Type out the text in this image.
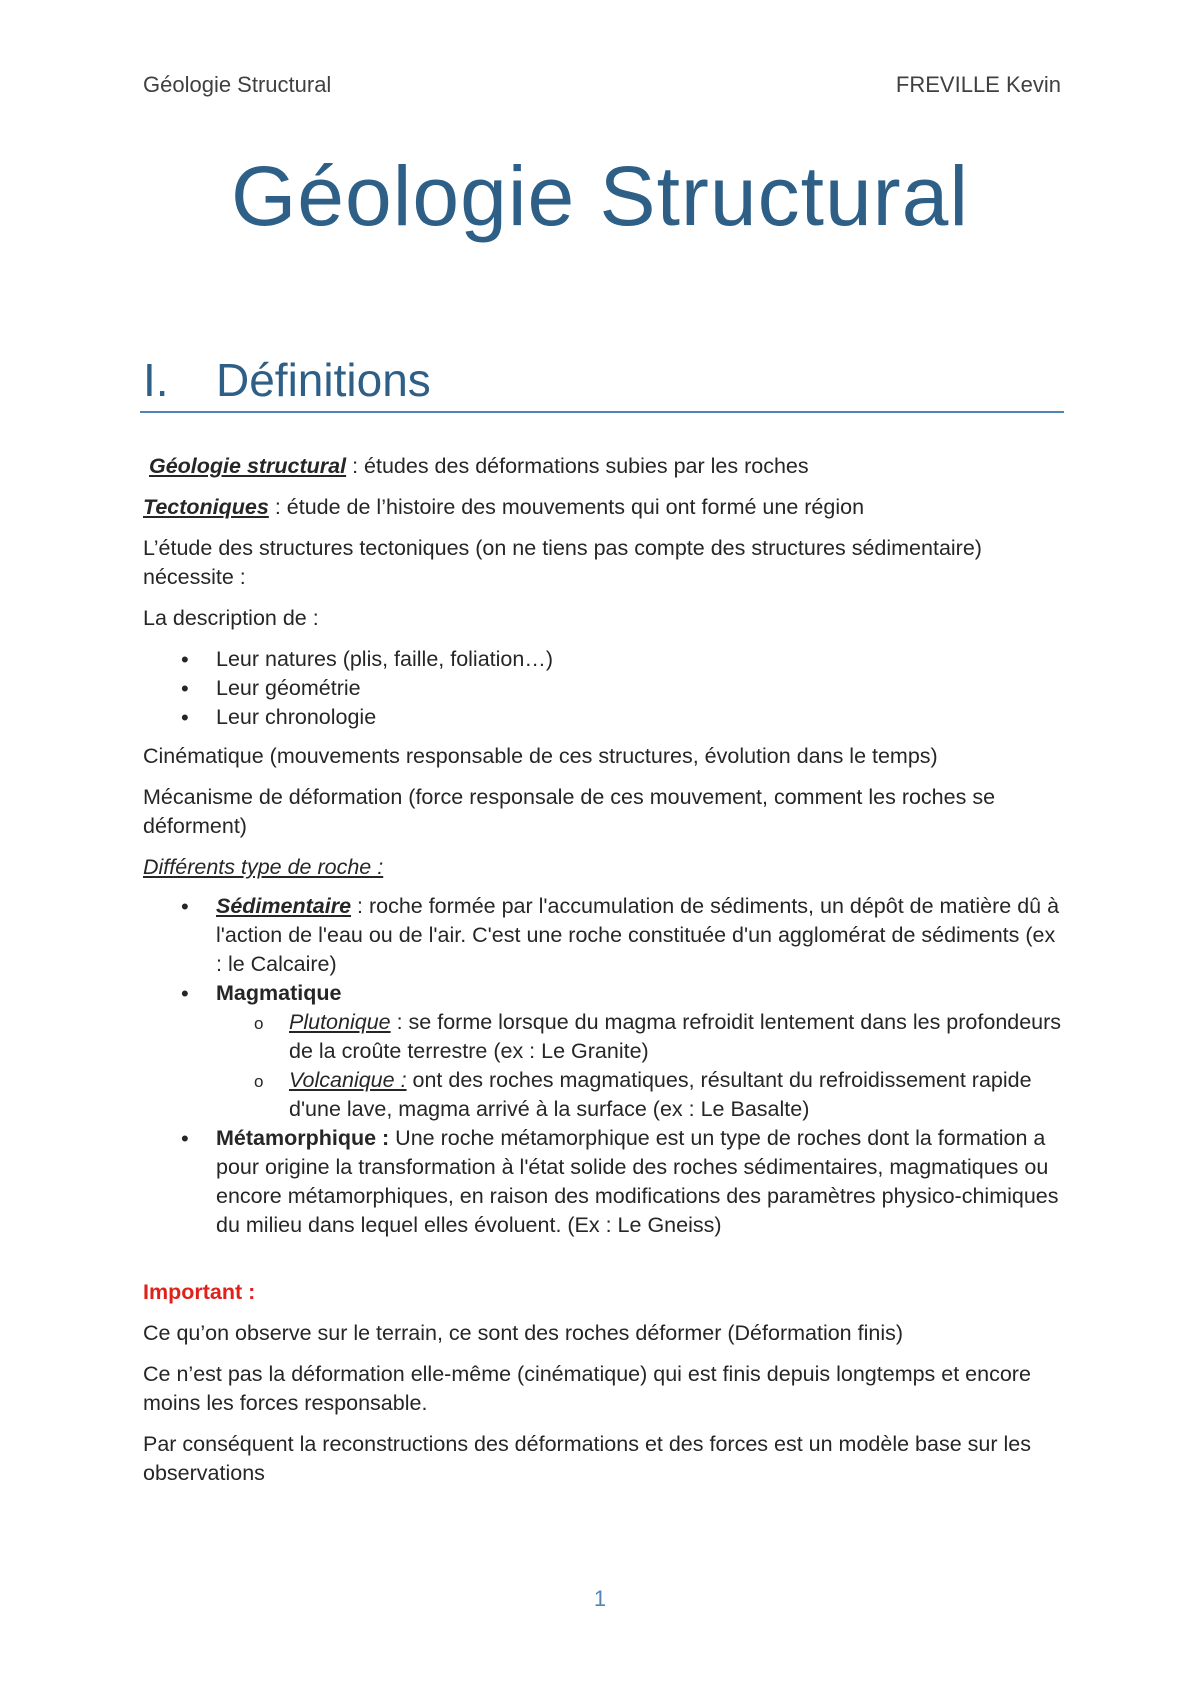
Géologie Structural	FREVILLE Kevin
Géologie Structural
I. Définitions

Géologie structural : études des déformations subies par les roches

Tectoniques : étude de l’histoire des mouvements qui ont formé une région

L’étude des structures tectoniques (on ne tiens pas compte des structures sédimentaire) nécessite :

La description de :

• Leur natures (plis, faille, foliation…)
• Leur géométrie
• Leur chronologie

Cinématique (mouvements responsable de ces structures, évolution dans le temps)

Mécanisme de déformation (force responsale de ces mouvement, comment les roches se déforment)

Différents type de roche :

• Sédimentaire : roche formée par l'accumulation de sédiments, un dépôt de matière dû à l'action de l'eau ou de l'air. C'est une roche constituée d'un agglomérat de sédiments (ex : le Calcaire)
• Magmatique
o Plutonique : se forme lorsque du magma refroidit lentement dans les profondeurs de la croûte terrestre (ex : Le Granite)
o Volcanique : ont des roches magmatiques, résultant du refroidissement rapide d'une lave, magma arrivé à la surface (ex : Le Basalte)
• Métamorphique : Une roche métamorphique est un type de roches dont la formation a pour origine la transformation à l'état solide des roches sédimentaires, magmatiques ou encore métamorphiques, en raison des modifications des paramètres physico-chimiques du milieu dans lequel elles évoluent. (Ex : Le Gneiss)

Important :

Ce qu’on observe sur le terrain, ce sont des roches déformer (Déformation finis)

Ce n’est pas la déformation elle-même (cinématique) qui est finis depuis longtemps et encore moins les forces responsable.

Par conséquent la reconstructions des déformations et des forces est un modèle base sur les observations

1
